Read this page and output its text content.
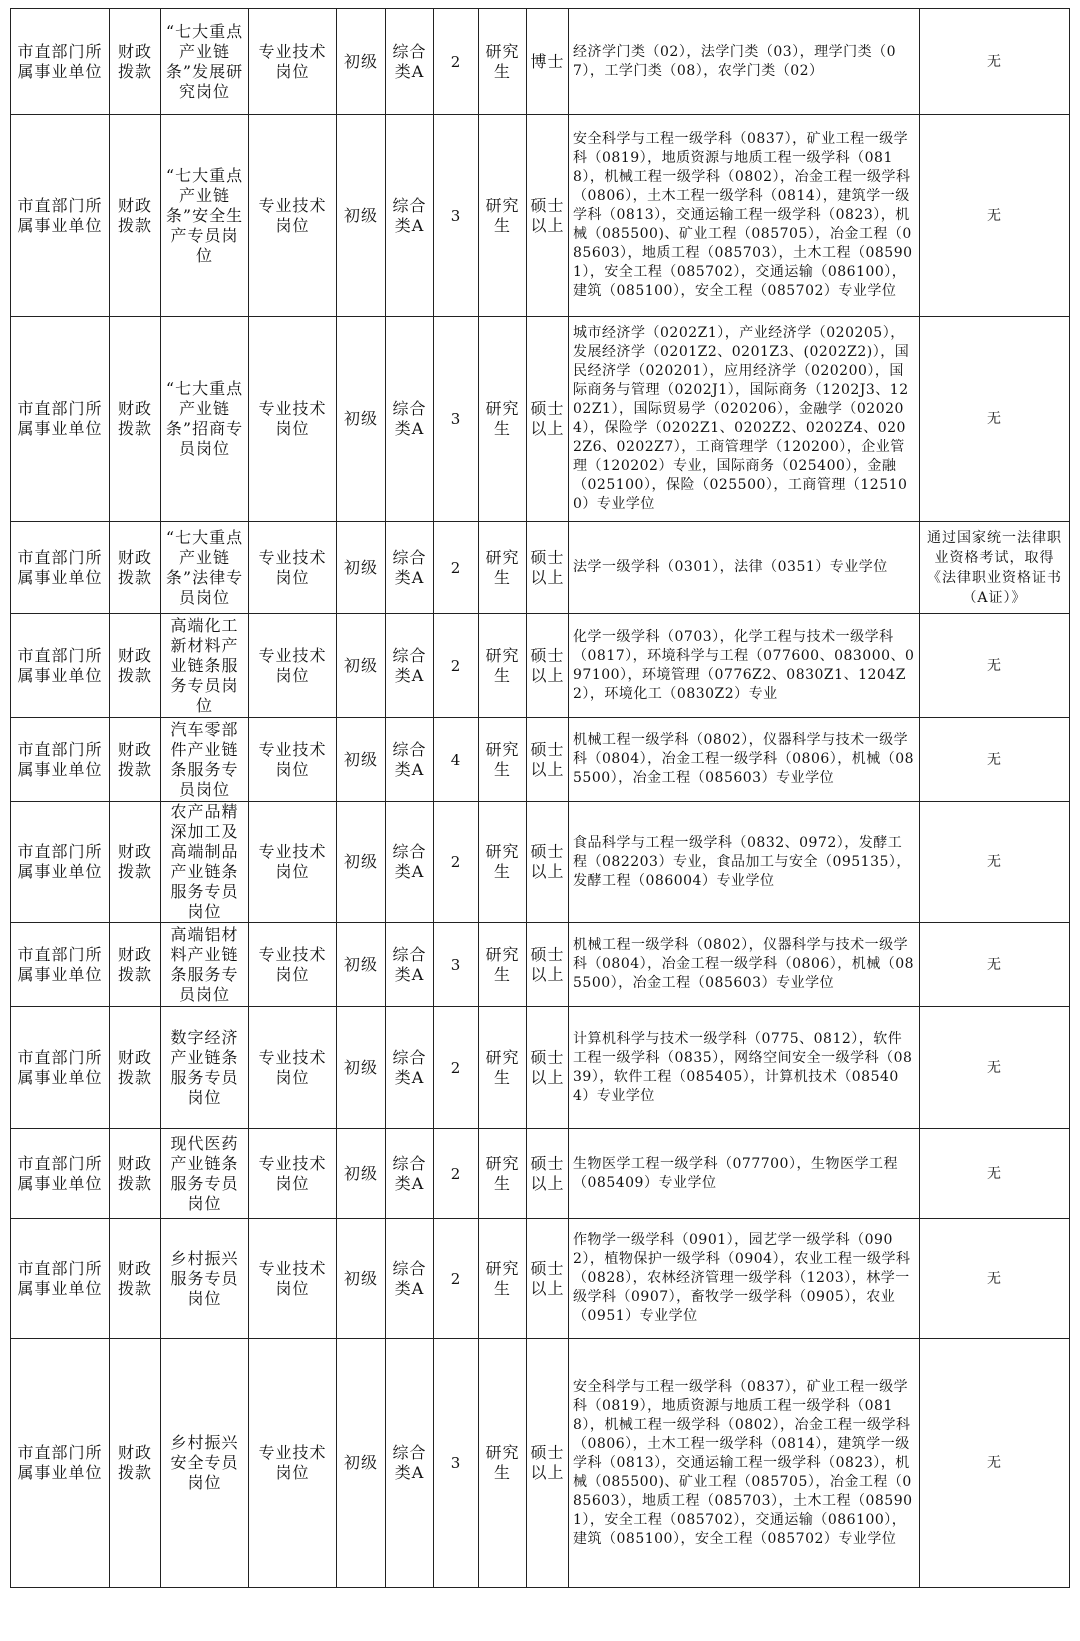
市直部门所属事业单位	财政拨款	“七大重点产业链条”发展研究岗位	专业技术岗位	初级	综合类A	2	研究生	博士	经济学门类（02），法学门类（03），理学门类（07），工学门类（08），农学门类（02）	无
市直部门所属事业单位	财政拨款	“七大重点产业链条”安全生产专员岗位	专业技术岗位	初级	综合类A	3	研究生	硕士以上	安全科学与工程一级学科（0837），矿业工程一级学科（0819），地质资源与地质工程一级学科（0818），机械工程一级学科（0802），冶金工程一级学科（0806），土木工程一级学科（0814），建筑学一级学科（0813），交通运输工程一级学科（0823），机械（085500)、矿业工程（085705），冶金工程（085603），地质工程（085703），土木工程（085901），安全工程（085702），交通运输（086100），建筑（085100），安全工程（085702）专业学位	无
市直部门所属事业单位	财政拨款	“七大重点产业链条”招商专员岗位	专业技术岗位	初级	综合类A	3	研究生	硕士以上	城市经济学（0202Z1），产业经济学（020205），发展经济学（0201Z2、0201Z3、(0202Z2)），国民经济学（020201），应用经济学（020200），国际商务与管理（0202J1），国际商务（1202J3、1202Z1），国际贸易学（020206），金融学（020204），保险学（0202Z1、0202Z2、0202Z4、0202Z6、0202Z7），工商管理学（120200），企业管理（120202）专业，国际商务（025400），金融（025100），保险（025500），工商管理（125100）专业学位	无
市直部门所属事业单位	财政拨款	“七大重点产业链条”法律专员岗位	专业技术岗位	初级	综合类A	2	研究生	硕士以上	法学一级学科（0301），法律（0351）专业学位	通过国家统一法律职业资格考试，取得《法律职业资格证书（A证）》
市直部门所属事业单位	财政拨款	高端化工新材料产业链条服务专员岗位	专业技术岗位	初级	综合类A	2	研究生	硕士以上	化学一级学科（0703），化学工程与技术一级学科（0817），环境科学与工程（077600、083000、097100），环境管理（0776Z2、0830Z1、1204Z2），环境化工（0830Z2）专业	无
市直部门所属事业单位	财政拨款	汽车零部件产业链条服务专员岗位	专业技术岗位	初级	综合类A	4	研究生	硕士以上	机械工程一级学科（0802），仪器科学与技术一级学科（0804），冶金工程一级学科（0806），机械（085500），冶金工程（085603）专业学位	无
市直部门所属事业单位	财政拨款	农产品精深加工及高端制品产业链条服务专员岗位	专业技术岗位	初级	综合类A	2	研究生	硕士以上	食品科学与工程一级学科（0832、0972），发酵工程（082203）专业，食品加工与安全（095135），发酵工程（086004）专业学位	无
市直部门所属事业单位	财政拨款	高端铝材料产业链条服务专员岗位	专业技术岗位	初级	综合类A	3	研究生	硕士以上	机械工程一级学科（0802），仪器科学与技术一级学科（0804），冶金工程一级学科（0806），机械（085500），冶金工程（085603）专业学位	无
市直部门所属事业单位	财政拨款	数字经济产业链条服务专员岗位	专业技术岗位	初级	综合类A	2	研究生	硕士以上	计算机科学与技术一级学科（0775、0812），软件工程一级学科（0835），网络空间安全一级学科（0839），软件工程（085405），计算机技术（085404）专业学位	无
市直部门所属事业单位	财政拨款	现代医药产业链条服务专员岗位	专业技术岗位	初级	综合类A	2	研究生	硕士以上	生物医学工程一级学科（077700），生物医学工程（085409）专业学位	无
市直部门所属事业单位	财政拨款	乡村振兴服务专员岗位	专业技术岗位	初级	综合类A	2	研究生	硕士以上	作物学一级学科（0901），园艺学一级学科（0902），植物保护一级学科（0904），农业工程一级学科（0828），农林经济管理一级学科（1203），林学一级学科（0907），畜牧学一级学科（0905），农业（0951）专业学位	无
市直部门所属事业单位	财政拨款	乡村振兴安全专员岗位	专业技术岗位	初级	综合类A	3	研究生	硕士以上	安全科学与工程一级学科（0837），矿业工程一级学科（0819），地质资源与地质工程一级学科（0818），机械工程一级学科（0802），冶金工程一级学科（0806），土木工程一级学科（0814），建筑学一级学科（0813），交通运输工程一级学科（0823），机械（085500)、矿业工程（085705），冶金工程（085603），地质工程（085703），土木工程（085901），安全工程（085702），交通运输（086100），建筑（085100），安全工程（085702）专业学位	无
